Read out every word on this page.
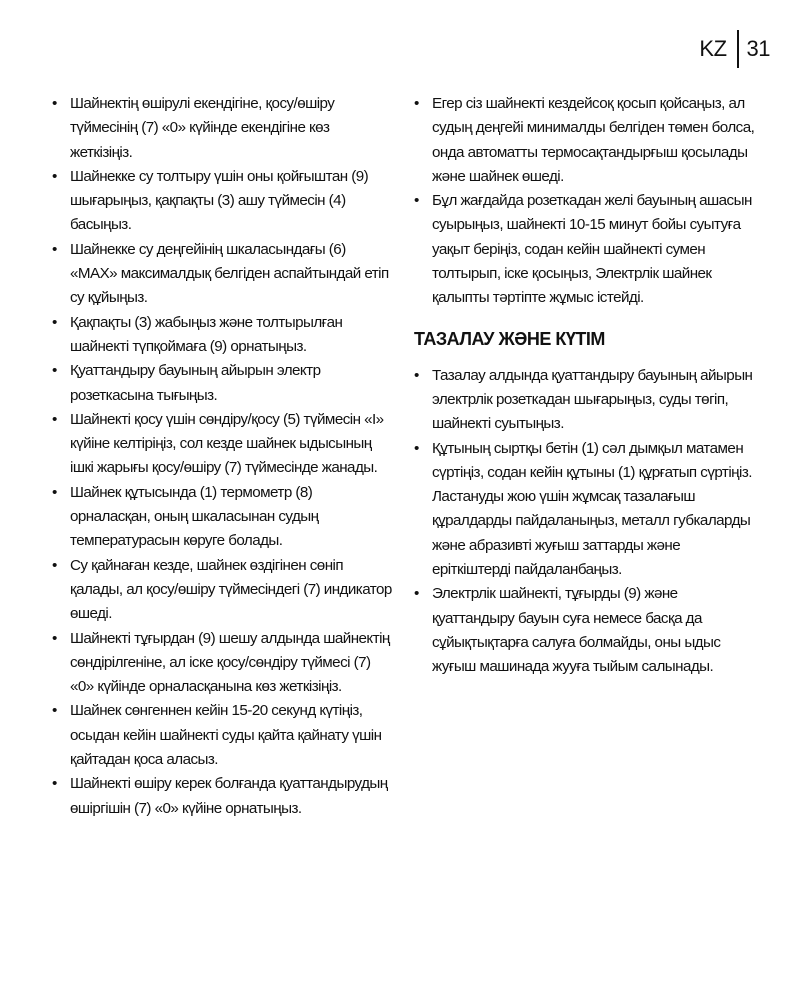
KZ 31
• Шайнектің өшірулі екендігіне, қосу/өшіру түймесінің (7) «0» күйінде екендігіне көз жеткізіңіз.
• Шайнекке су толтыру үшін оны қойғыштан (9) шығарыңыз, қақпақты (3) ашу түймесін (4) басыңыз.
• Шайнекке су деңгейінің шкаласындағы (6) «MAX» максималдық белгіден аспайтындай етіп су құйыңыз.
• Қақпақты (3) жабыңыз және толтырылған шайнекті түпқоймаға (9) орнатыңыз.
• Қуаттандыру бауының айырын электр розеткасына тығыңыз.
• Шайнекті қосу үшін сөндіру/қосу (5) түймесін «I» күйіне келтіріңіз, сол кезде шайнек ыдысының ішкі жарығы қосу/өшіру (7) түймесінде жанады.
• Шайнек құтысында (1) термометр (8) орналасқан, оның шкаласынан судың температурасын көруге болады.
• Су қайнаған кезде, шайнек өздігінен сөніп қалады, ал қосу/өшіру түймесіндегі (7) индикатор өшеді.
• Шайнекті тұғырдан (9) шешу алдында шайнектің сөндірілгеніне, ал іске қосу/сөндіру түймесі (7) «0» күйінде орналасқанына көз жеткізіңіз.
• Шайнек сөнгеннен кейін 15-20 секунд күтіңіз, осыдан кейін шайнекті суды қайта қайнату үшін қайтадан қоса аласыз.
• Шайнекті өшіру керек болғанда қуаттандырудың өшіргішін (7) «0» күйіне орнатыңыз.
• Егер сіз шайнекті кездейсоқ қосып қойсаңыз, ал судың деңгейі минималды белгіден төмен болса, онда автоматты термосақтандырғыш қосылады және шайнек өшеді.
• Бұл жағдайда розеткадан желі бауының ашасын суырыңыз, шайнекті 10-15 минут бойы суытуға уақыт беріңіз, содан кейін шайнекті сумен толтырып, іске қосыңыз, Электрлік шайнек қалыпты тәртіпте жұмыс істейді.
ТАЗАЛАУ ЖӘНЕ КҮТІМ
• Тазалау алдында қуаттандыру бауының айырын электрлік розеткадан шығарыңыз, суды төгіп, шайнекті суытыңыз.
• Құтының сыртқы бетін (1) сәл дымқыл матамен сүртіңіз, содан кейін құтыны (1) құрғатып сүртіңіз. Ластануды жою үшін жұмсақ тазалағыш құралдарды пайдаланыңыз, металл губкаларды және абразивті жуғыш заттарды және еріткіштерді пайдаланбаңыз.
• Электрлік шайнекті, тұғырды (9) және қуаттандыру бауын суға немесе басқа да сұйықтықтарға салуға болмайды, оны ыдыс жуғыш машинада жууға тыйым салынады.
